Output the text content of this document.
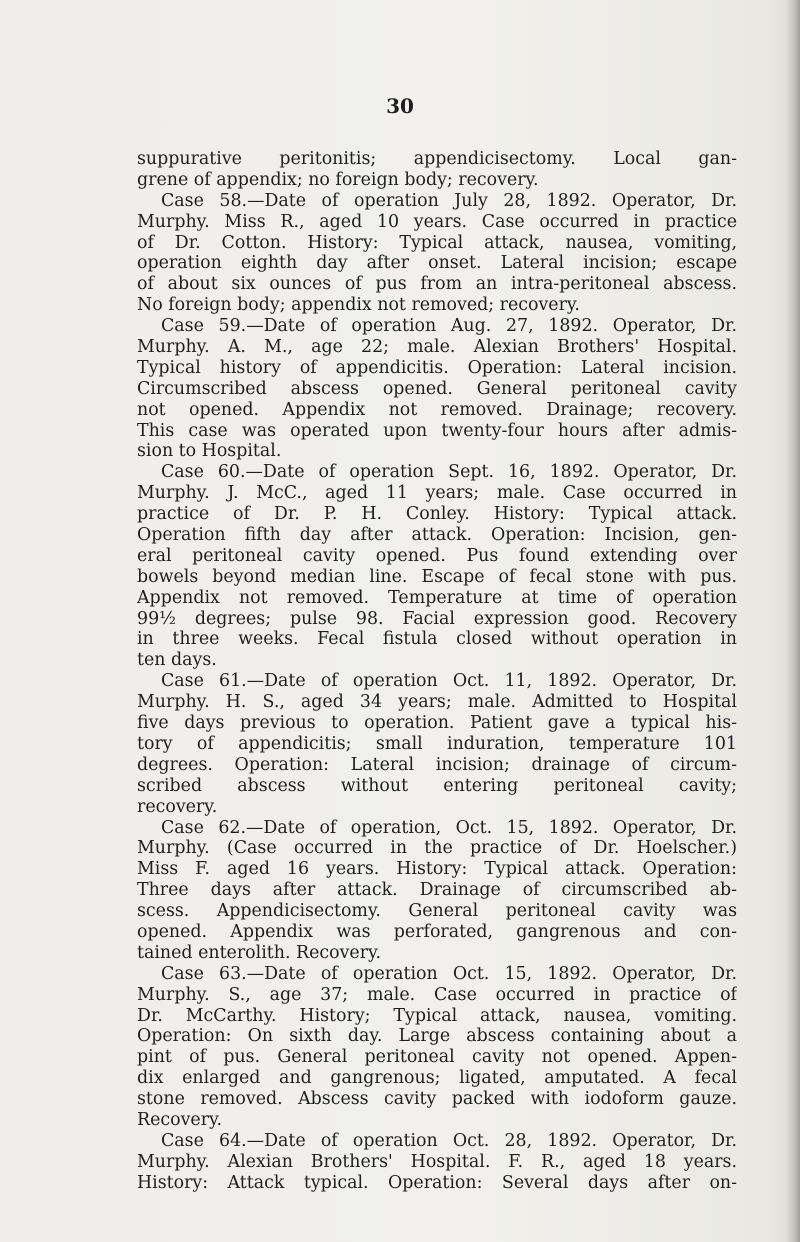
30
suppurative peritonitis; appendicisectomy. Local gan-
grene of appendix; no foreign body; recovery.
Case 58.—Date of operation July 28, 1892. Operator, Dr.
Murphy. Miss R., aged 10 years. Case occurred in practice
of Dr. Cotton. History: Typical attack, nausea, vomiting,
operation eighth day after onset. Lateral incision; escape
of about six ounces of pus from an intra-peritoneal abscess.
No foreign body; appendix not removed; recovery.
Case 59.—Date of operation Aug. 27, 1892. Operator, Dr.
Murphy. A. M., age 22; male. Alexian Brothers' Hospital.
Typical history of appendicitis. Operation: Lateral incision.
Circumscribed abscess opened. General peritoneal cavity
not opened. Appendix not removed. Drainage; recovery.
This case was operated upon twenty-four hours after admis-
sion to Hospital.
Case 60.—Date of operation Sept. 16, 1892. Operator, Dr.
Murphy. J. McC., aged 11 years; male. Case occurred in
practice of Dr. P. H. Conley. History: Typical attack.
Operation fifth day after attack. Operation: Incision, gen-
eral peritoneal cavity opened. Pus found extending over
bowels beyond median line. Escape of fecal stone with pus.
Appendix not removed. Temperature at time of operation
99½ degrees; pulse 98. Facial expression good. Recovery
in three weeks. Fecal fistula closed without operation in
ten days.
Case 61.—Date of operation Oct. 11, 1892. Operator, Dr.
Murphy. H. S., aged 34 years; male. Admitted to Hospital
five days previous to operation. Patient gave a typical his-
tory of appendicitis; small induration, temperature 101
degrees. Operation: Lateral incision; drainage of circum-
scribed abscess without entering peritoneal cavity;
recovery.
Case 62.—Date of operation, Oct. 15, 1892. Operator, Dr.
Murphy. (Case occurred in the practice of Dr. Hoelscher.)
Miss F. aged 16 years. History: Typical attack. Operation:
Three days after attack. Drainage of circumscribed ab-
scess. Appendicisectomy. General peritoneal cavity was
opened. Appendix was perforated, gangrenous and con-
tained enterolith. Recovery.
Case 63.—Date of operation Oct. 15, 1892. Operator, Dr.
Murphy. S., age 37; male. Case occurred in practice of
Dr. McCarthy. History; Typical attack, nausea, vomiting.
Operation: On sixth day. Large abscess containing about a
pint of pus. General peritoneal cavity not opened. Appen-
dix enlarged and gangrenous; ligated, amputated. A fecal
stone removed. Abscess cavity packed with iodoform gauze.
Recovery.
Case 64.—Date of operation Oct. 28, 1892. Operator, Dr.
Murphy. Alexian Brothers' Hospital. F. R., aged 18 years.
History: Attack typical. Operation: Several days after on-
